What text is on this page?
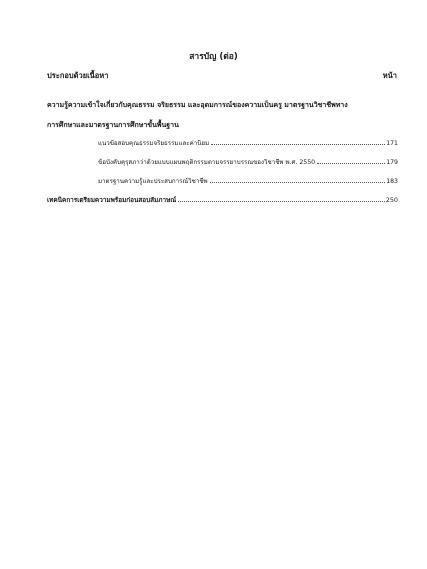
สารบัญ (ต่อ)
ประกอบด้วยเนื้อหา	หน้า
ความรู้ความเข้าใจเกี่ยวกับคุณธรรม จริยธรรม และอุดมการณ์ของความเป็นครู มาตรฐานวิชาชีพทาง
การศึกษาและมาตรฐานการศึกษาขั้นพื้นฐาน
แนวข้อสอบคุณธรรมจริยธรรมและค่านิยม	171
ข้อบังคับคุรุสภาว่าด้วยแบบแผนพฤติกรรมตามจรรยาบรรณของวิชาชีพ พ.ศ. 2550	179
มาตรฐานความรู้และประสบการณ์วิชาชีพ	183
เทคนิคการเตรียมความพร้อมก่อนสอบสัมภาษณ์	250
